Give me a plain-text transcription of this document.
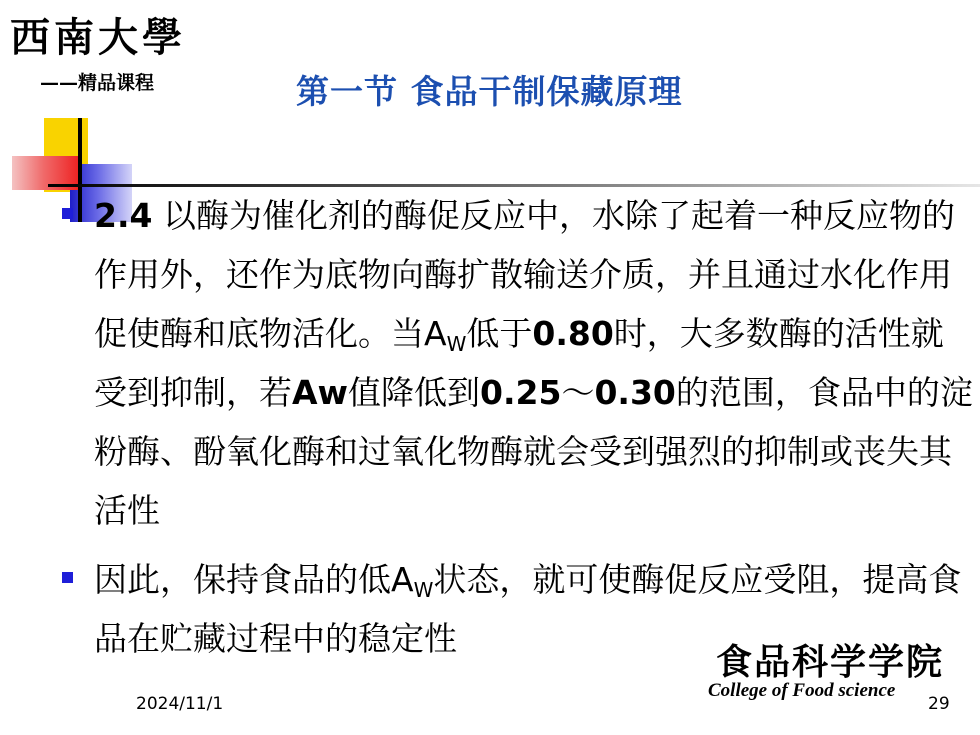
西南大學
——精品课程	第一节 食品干制保藏原理
2.4 以酶为催化剂的酶促反应中，水除了起着一种反应物的作用外，还作为底物向酶扩散输送介质，并且通过水化作用促使酶和底物活化。当$A_W$低于0.80时，大多数酶的活性就受到抑制，若Aw值降低到0.25～0.30的范围，食品中的淀粉酶、酚氧化酶和过氧化物酶就会受到强烈的抑制或丧失其活性
因此，保持食品的低$A_W$状态，就可使酶促反应受阻，提高食品在贮藏过程中的稳定性
食品科学学院
College of Food science
2024/11/1	29
